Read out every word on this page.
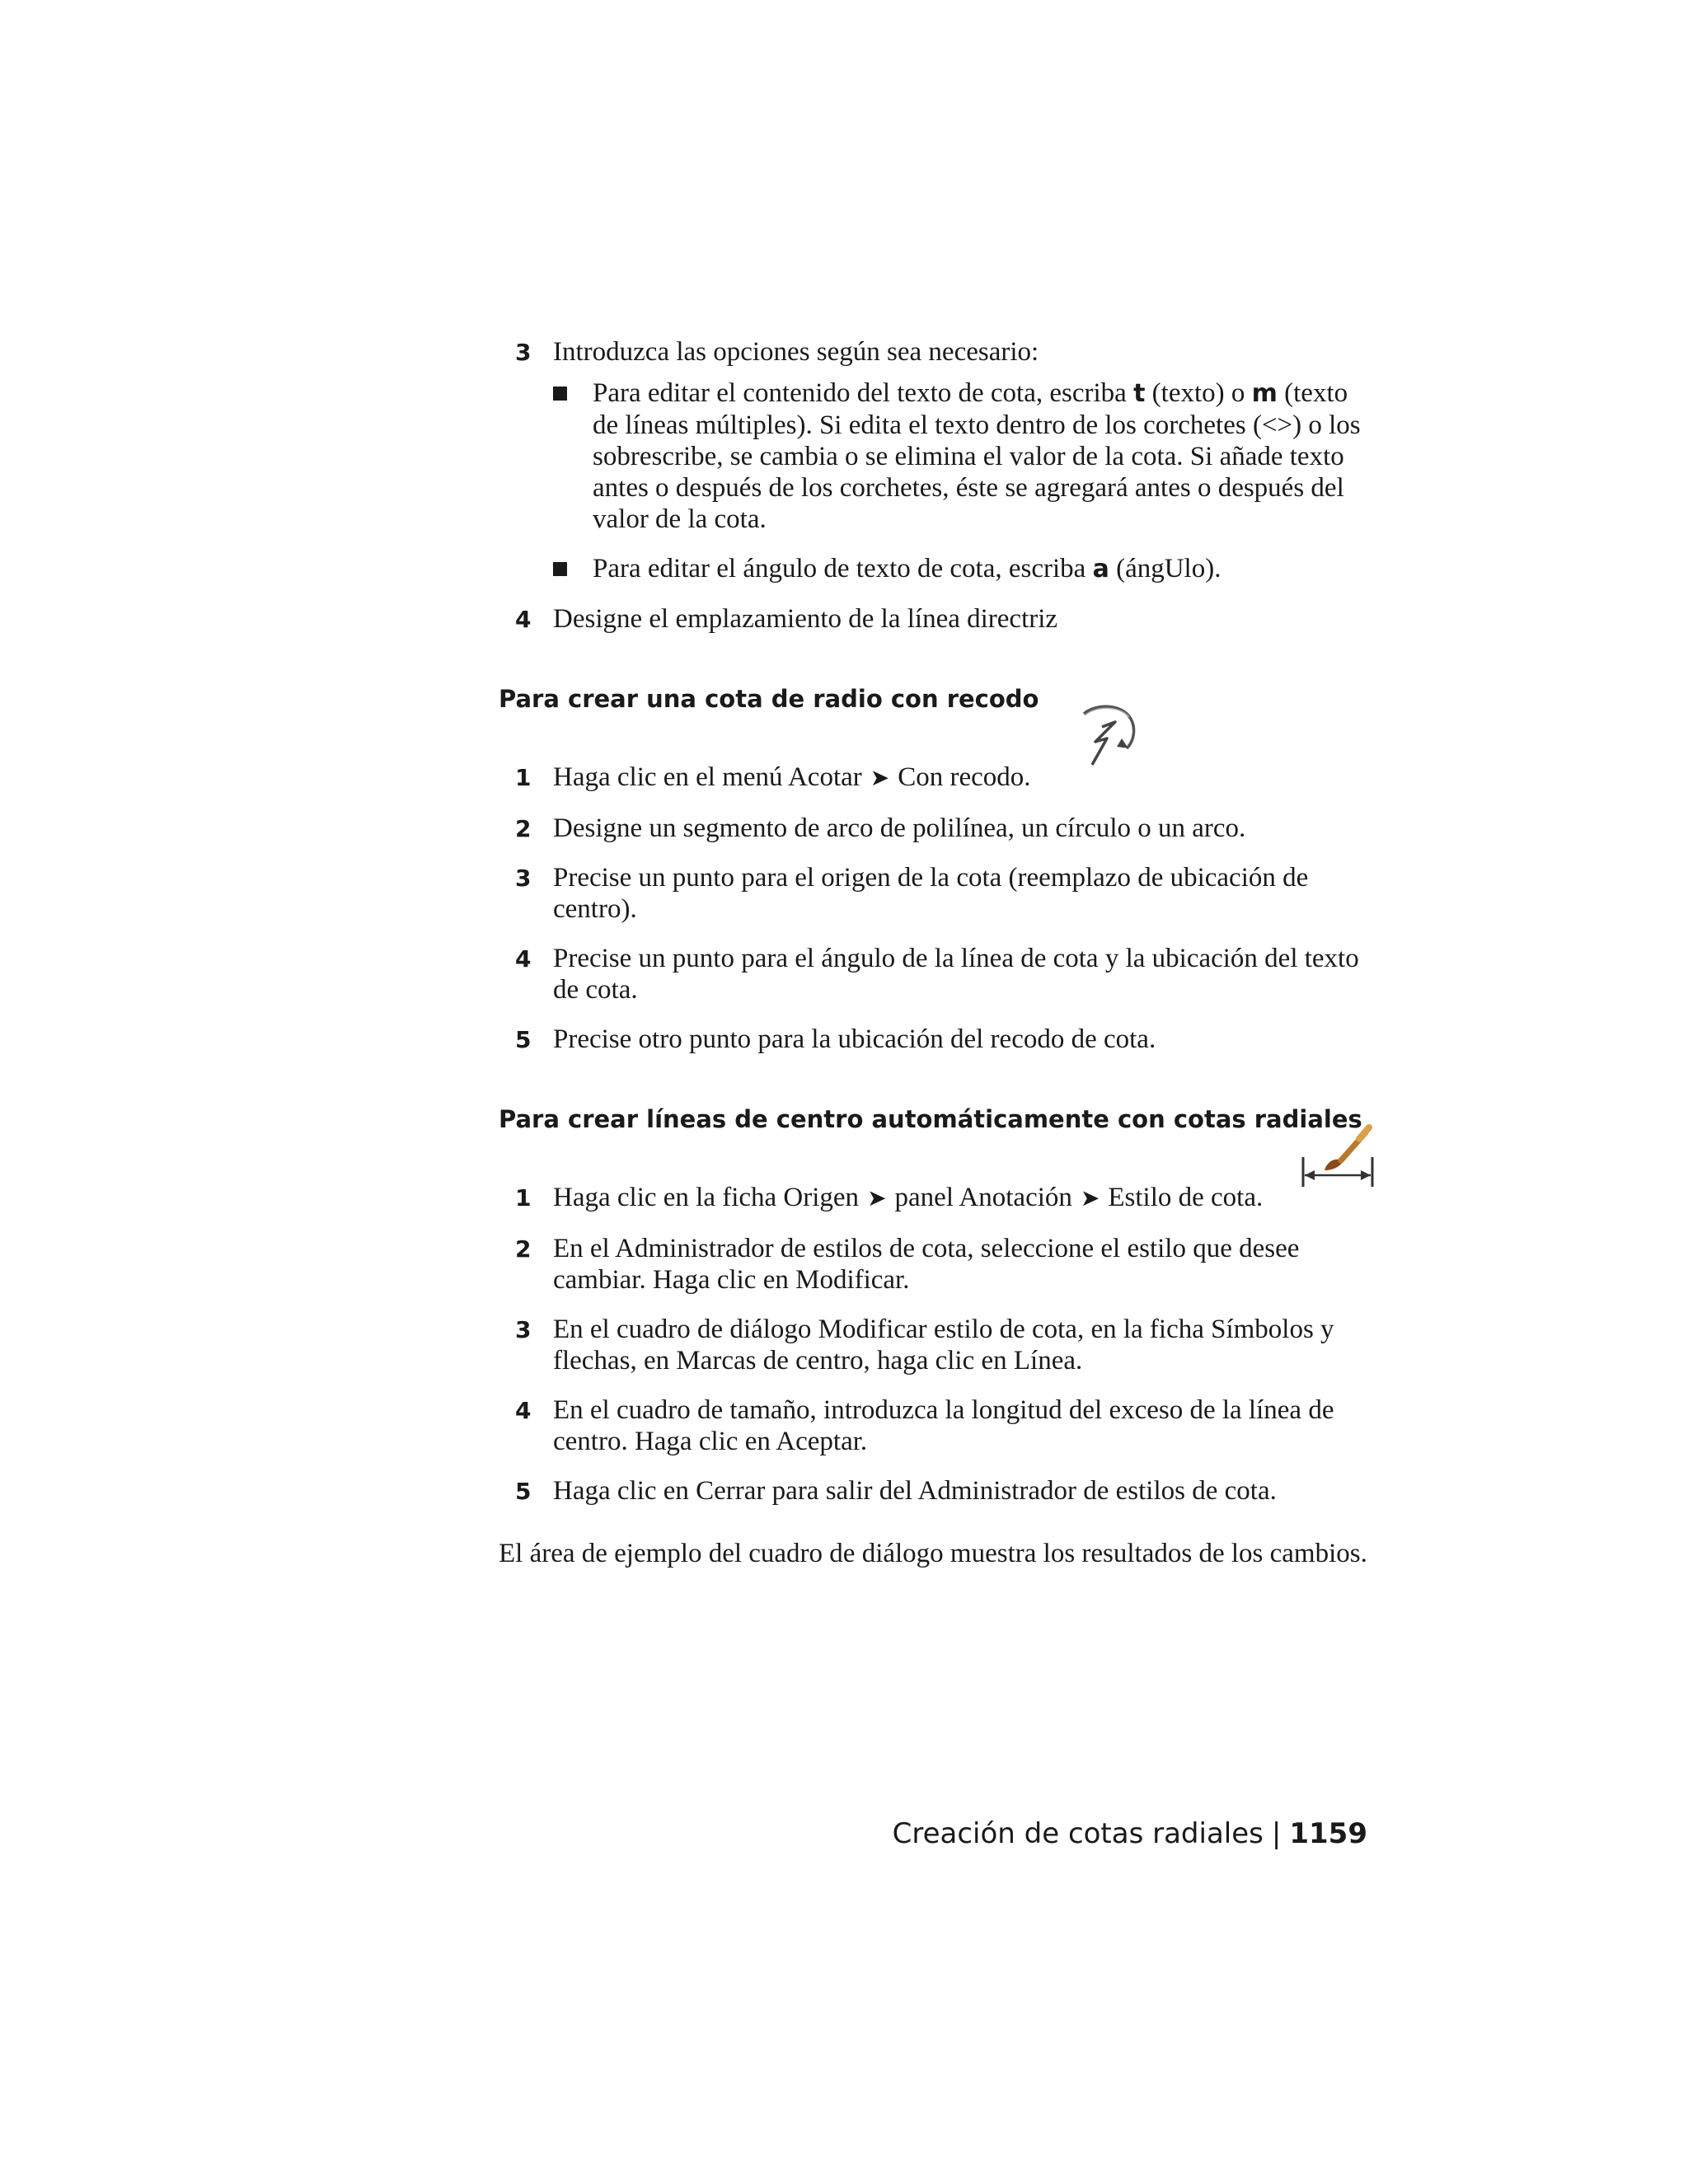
3 Introduzca las opciones según sea necesario:
Para editar el contenido del texto de cota, escriba t (texto) o m (texto de líneas múltiples). Si edita el texto dentro de los corchetes (<>) o los sobrescribe, se cambia o se elimina el valor de la cota. Si añade texto antes o después de los corchetes, éste se agregará antes o después del valor de la cota.
Para editar el ángulo de texto de cota, escriba a (ángUlo).
4 Designe el emplazamiento de la línea directriz
Para crear una cota de radio con recodo
1 Haga clic en el menú Acotar ➤ Con recodo.
2 Designe un segmento de arco de polilínea, un círculo o un arco.
3 Precise un punto para el origen de la cota (reemplazo de ubicación de centro).
4 Precise un punto para el ángulo de la línea de cota y la ubicación del texto de cota.
5 Precise otro punto para la ubicación del recodo de cota.
Para crear líneas de centro automáticamente con cotas radiales
1 Haga clic en la ficha Origen ➤ panel Anotación ➤ Estilo de cota.
2 En el Administrador de estilos de cota, seleccione el estilo que desee cambiar. Haga clic en Modificar.
3 En el cuadro de diálogo Modificar estilo de cota, en la ficha Símbolos y flechas, en Marcas de centro, haga clic en Línea.
4 En el cuadro de tamaño, introduzca la longitud del exceso de la línea de centro. Haga clic en Aceptar.
5 Haga clic en Cerrar para salir del Administrador de estilos de cota.

El área de ejemplo del cuadro de diálogo muestra los resultados de los cambios.

Creación de cotas radiales | 1159
